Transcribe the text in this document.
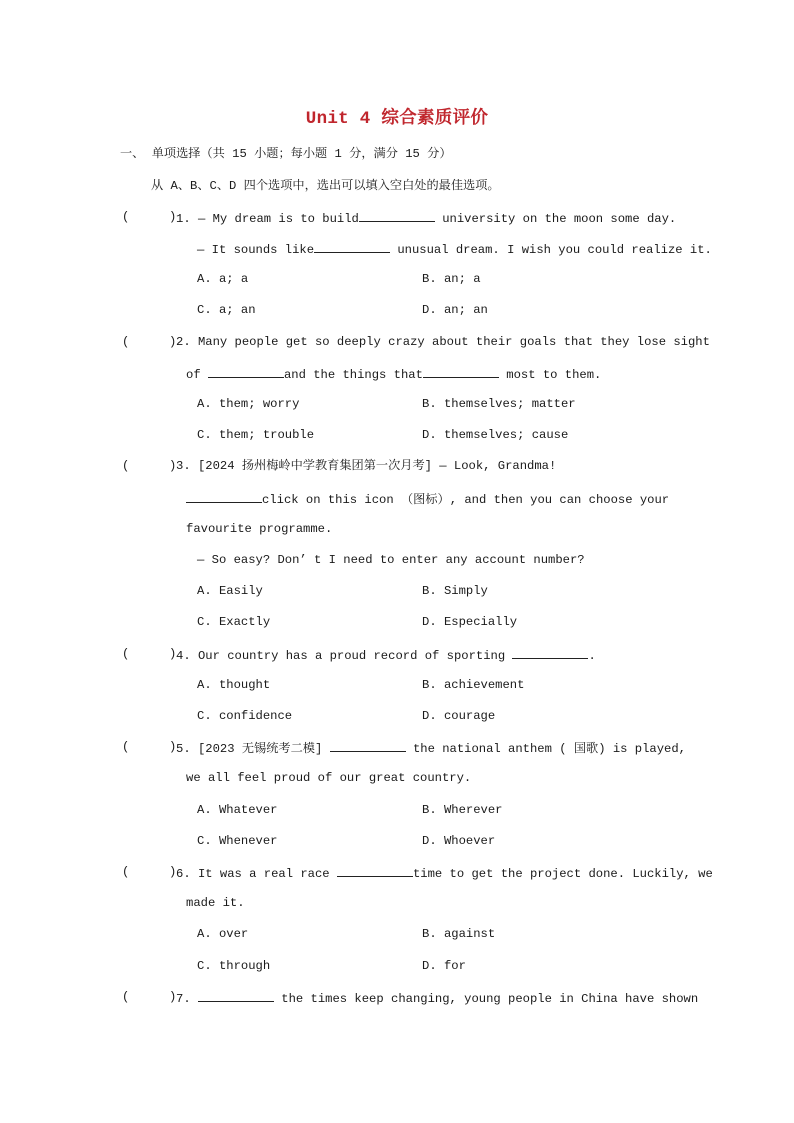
Unit 4 综合素质评价
一、 单项选择（共 15 小题；每小题 1 分，满分 15 分）
从 A、B、C、D 四个选项中，选出可以填入空白处的最佳选项。
(	) 1. — My dream is to build	university on the moon some day.
— It sounds like	unusual dream. I wish you could realize it.
A. a; a	B. an; a
C. a; an	D. an; an
(	) 2. Many people get so deeply crazy about their goals that they lose sight
of	and the things that	most to them.
A. them; worry	B. themselves; matter
C. them; trouble	D. themselves; cause
(	) 3. [2024 扬州梅岭中学教育集团第一次月考] — Look, Grandma!
click on this icon （图标）, and then you can choose your
favourite programme.
— So easy? Don’ t I need to enter any account number?
A. Easily	B. Simply
C. Exactly	D. Especially
(	) 4. Our country has a proud record of sporting	.
A. thought	B. achievement
C. confidence	D. courage
(	) 5. [2023 无锡统考二模]	the national anthem ( 国歌) is played,
we all feel proud of our great country.
A. Whatever	B. Wherever
C. Whenever	D. Whoever
(	) 6. It was a real race	time to get the project done. Luckily, we
made it.
A. over	B. against
C. through	D. for
(	) 7.	the times keep changing, young people in China have shown
